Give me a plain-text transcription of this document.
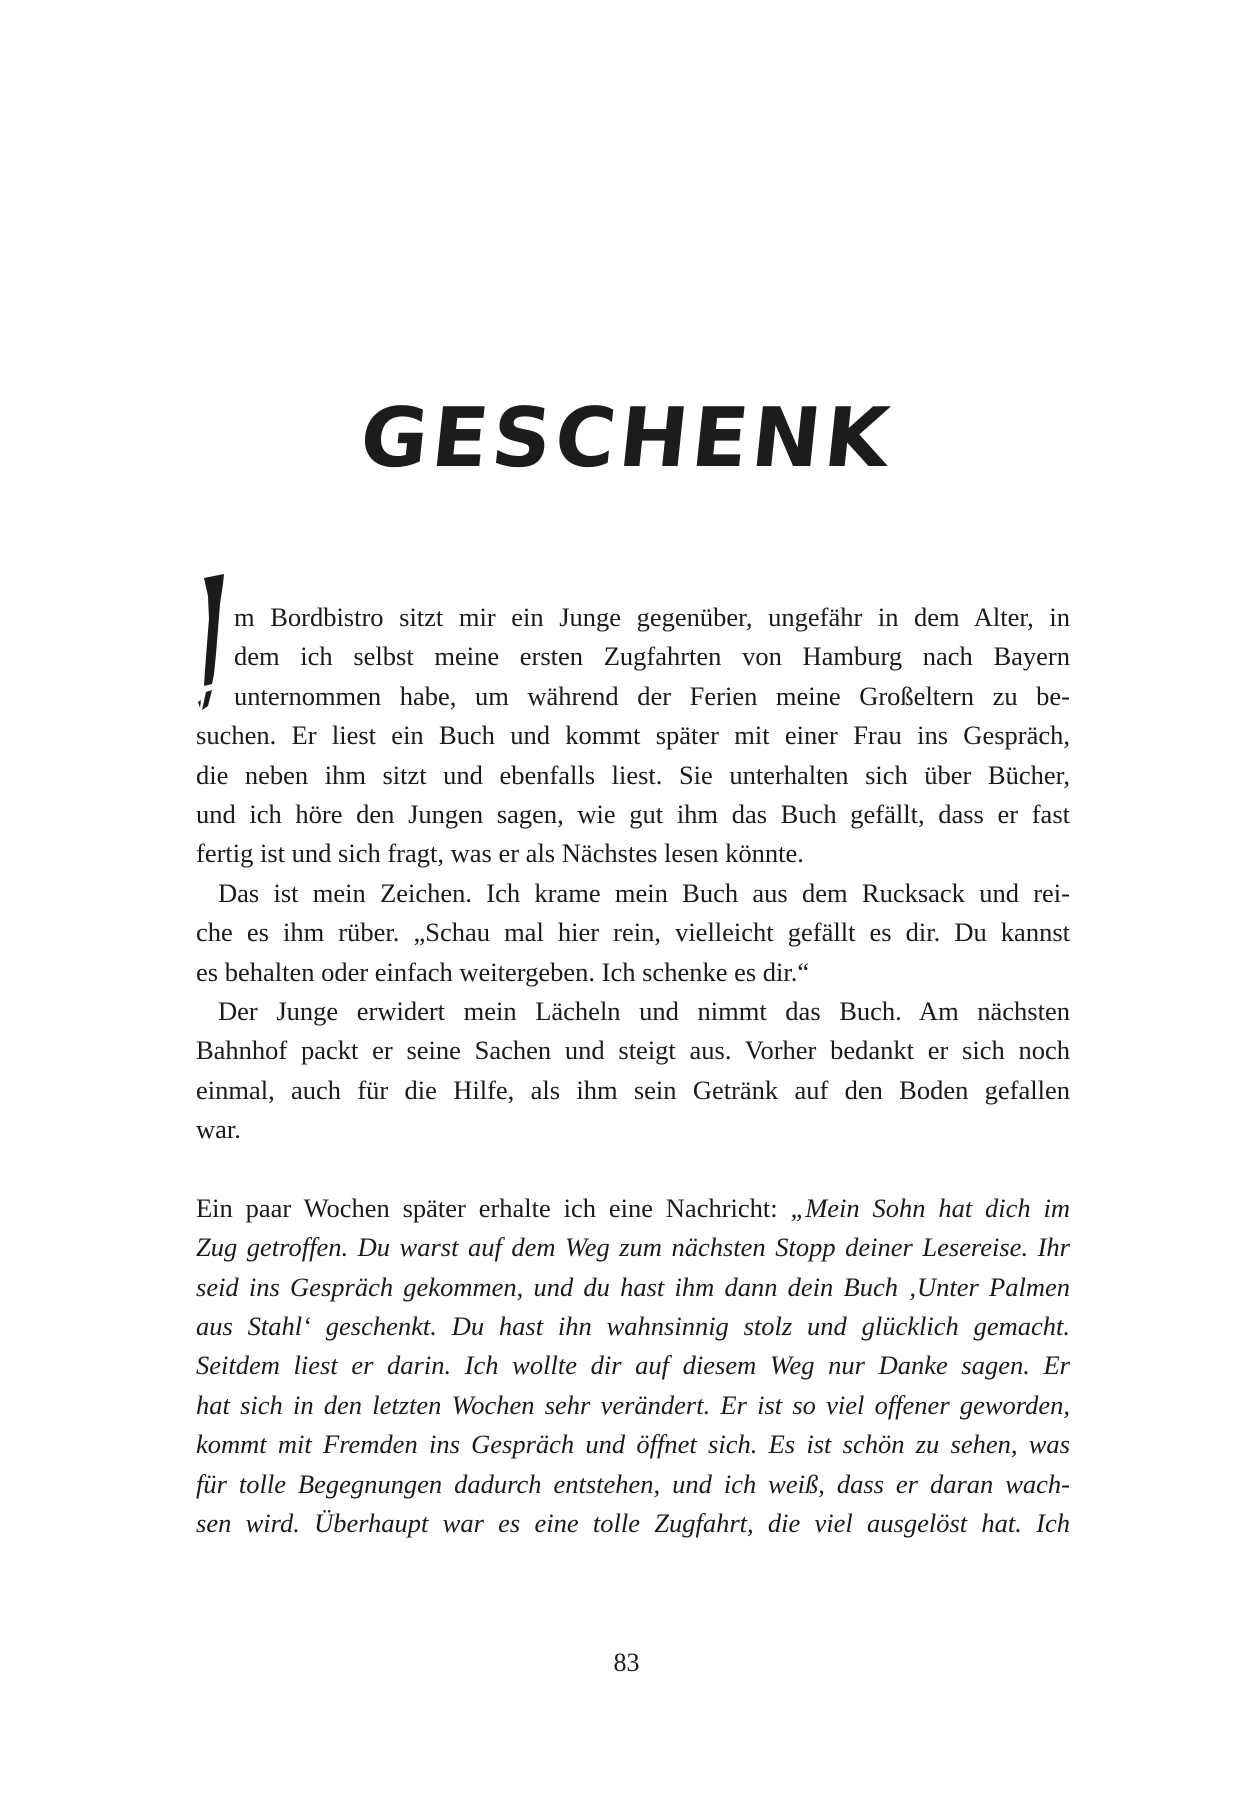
GESCHENK
m Bordbistro sitzt mir ein Junge gegenüber, ungefähr in dem Alter, in
dem ich selbst meine ersten Zugfahrten von Hamburg nach Bayern
unternommen habe, um während der Ferien meine Großeltern zu be-
suchen. Er liest ein Buch und kommt später mit einer Frau ins Gespräch,
die neben ihm sitzt und ebenfalls liest. Sie unterhalten sich über Bücher,
und ich höre den Jungen sagen, wie gut ihm das Buch gefällt, dass er fast
fertig ist und sich fragt, was er als Nächstes lesen könnte.
Das ist mein Zeichen. Ich krame mein Buch aus dem Rucksack und rei-
che es ihm rüber. „Schau mal hier rein, vielleicht gefällt es dir. Du kannst
es behalten oder einfach weitergeben. Ich schenke es dir.“
Der Junge erwidert mein Lächeln und nimmt das Buch. Am nächsten
Bahnhof packt er seine Sachen und steigt aus. Vorher bedankt er sich noch
einmal, auch für die Hilfe, als ihm sein Getränk auf den Boden gefallen
war.
Ein paar Wochen später erhalte ich eine Nachricht: „Mein Sohn hat dich im
Zug getroffen. Du warst auf dem Weg zum nächsten Stopp deiner Lesereise. Ihr
seid ins Gespräch gekommen, und du hast ihm dann dein Buch ‚Unter Palmen
aus Stahl‘ geschenkt. Du hast ihn wahnsinnig stolz und glücklich gemacht.
Seitdem liest er darin. Ich wollte dir auf diesem Weg nur Danke sagen. Er
hat sich in den letzten Wochen sehr verändert. Er ist so viel offener geworden,
kommt mit Fremden ins Gespräch und öffnet sich. Es ist schön zu sehen, was
für tolle Begegnungen dadurch entstehen, und ich weiß, dass er daran wach-
sen wird. Überhaupt war es eine tolle Zugfahrt, die viel ausgelöst hat. Ich
83
